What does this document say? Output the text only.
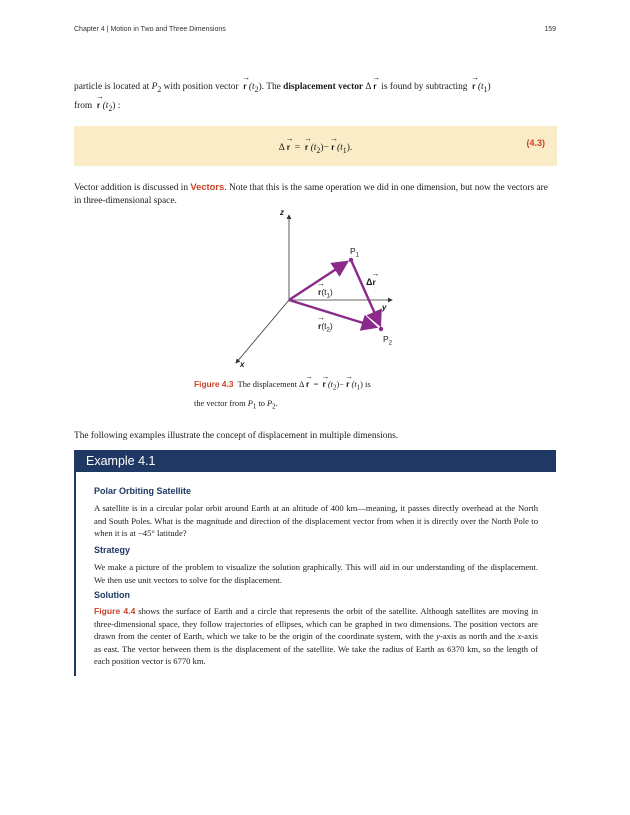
Chapter 4 | Motion in Two and Three Dimensions	159
particle is located at $P_2$ with position vector → r $(t_2)$. The displacement vector Δ → r is found by subtracting → r $(t_1)$
from → r $(t_2)$ :
Δ → r = → r $(t_2)- \to r$ $(t_1)$.	(4.3)
Vector addition is discussed in Vectors. Note that this is the same operation we did in one dimension, but now the vectors are in three-dimensional space.
z
y
x
$P_1$
$P_2$
→ $r(t_1)$
→ $r(t_2)$
Δ→ r
Figure 4.3 The displacement Δ → r = → r $(t_2)- \to r$ $(t_1)$ is
the vector from $P_1$ to $P_2$.
The following examples illustrate the concept of displacement in multiple dimensions.
Example 4.1
Polar Orbiting Satellite
A satellite is in a circular polar orbit around Earth at an altitude of 400 km—meaning, it passes directly overhead at the North and South Poles. What is the magnitude and direction of the displacement vector from when it is directly over the North Pole to when it is at −45° latitude?
Strategy
We make a picture of the problem to visualize the solution graphically. This will aid in our understanding of the displacement. We then use unit vectors to solve for the displacement.
Solution
Figure 4.4 shows the surface of Earth and a circle that represents the orbit of the satellite. Although satellites are moving in three-dimensional space, they follow trajectories of ellipses, which can be graphed in two dimensions. The position vectors are drawn from the center of Earth, which we take to be the origin of the coordinate system, with the y-axis as north and the x-axis as east. The vector between them is the displacement of the satellite. We take the radius of Earth as 6370 km, so the length of each position vector is 6770 km.
